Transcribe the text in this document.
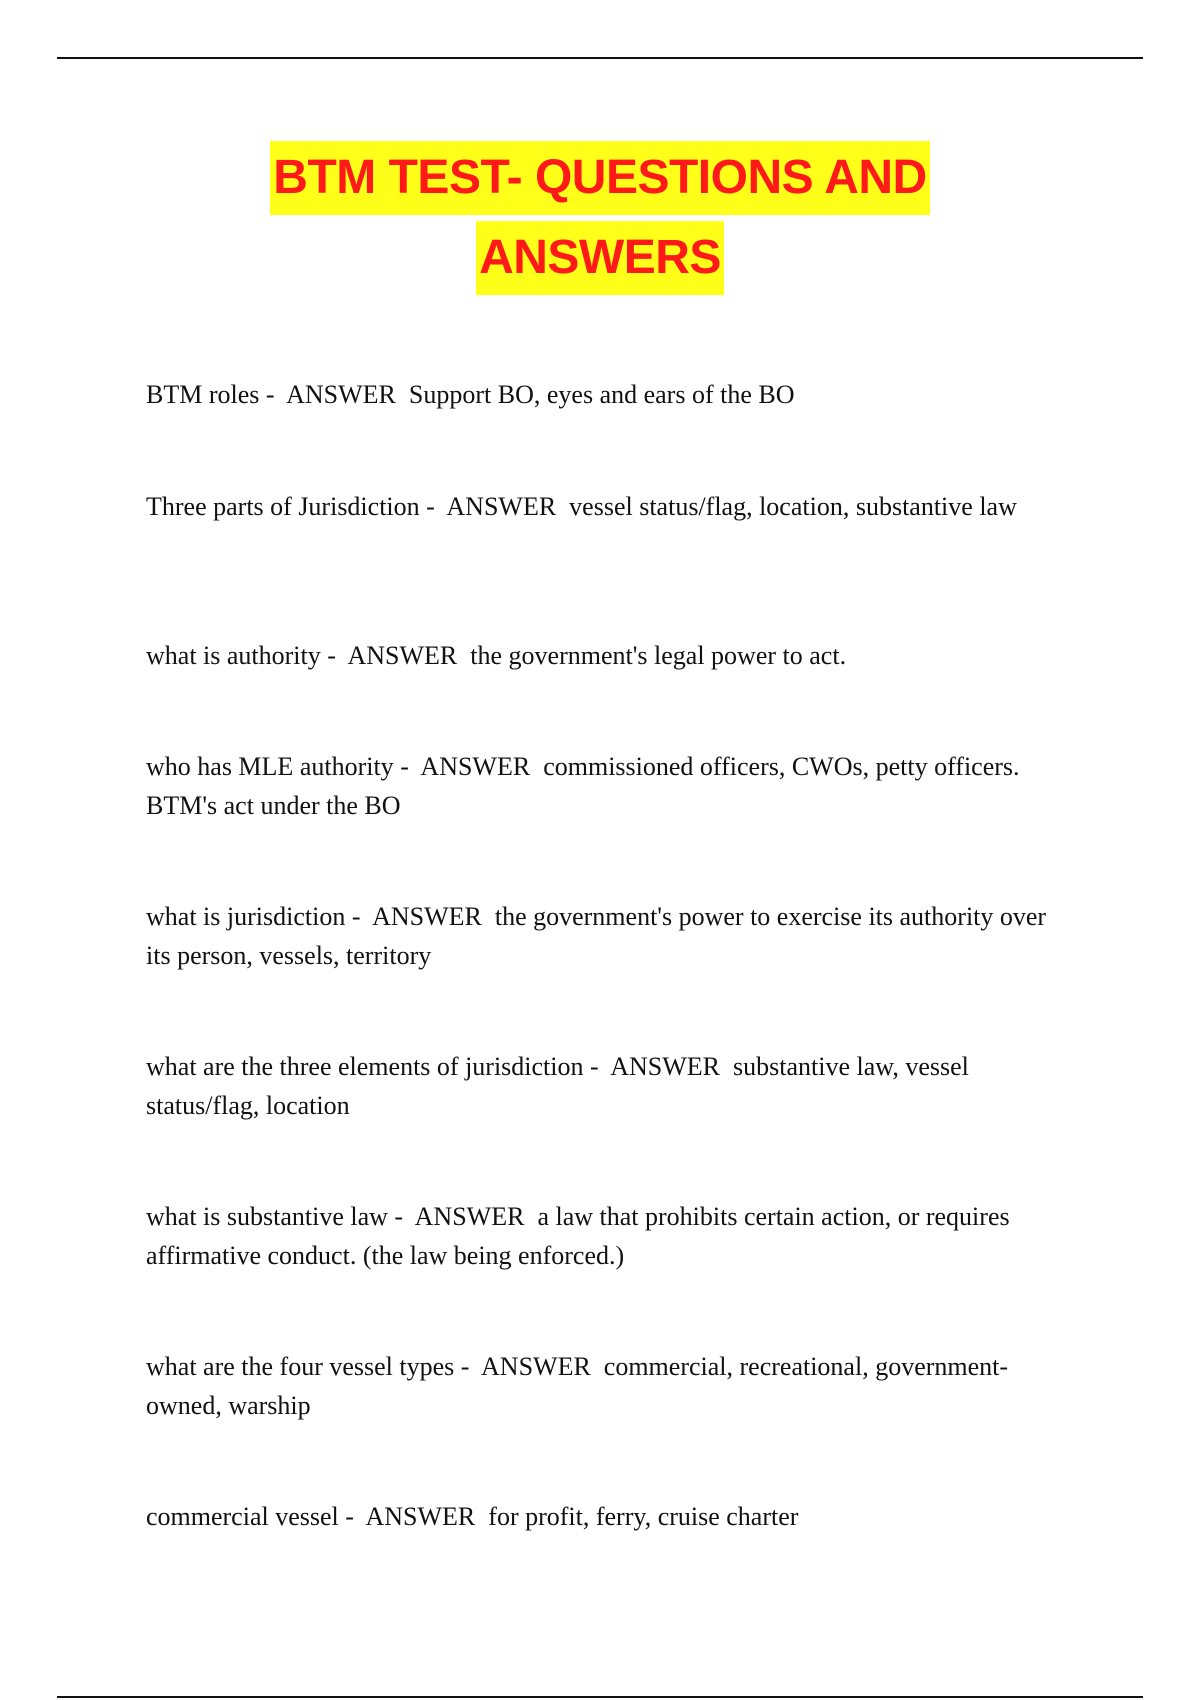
BTM TEST- QUESTIONS AND
ANSWERS

BTM roles -  ANSWER Support BO, eyes and ears of the BO

Three parts of Jurisdiction -  ANSWER vessel status/flag, location, substantive law

what is authority -  ANSWER the government's legal power to act.

who has MLE authority -  ANSWER commissioned officers, CWOs, petty officers. BTM's act under the BO

what is jurisdiction -  ANSWER the government's power to exercise its authority over its person, vessels, territory

what are the three elements of jurisdiction -  ANSWER substantive law, vessel status/flag, location

what is substantive law -  ANSWER a law that prohibits certain action, or requires affirmative conduct. (the law being enforced.)

what are the four vessel types -  ANSWER commercial, recreational, government-owned, warship

commercial vessel -  ANSWER for profit, ferry, cruise charter
